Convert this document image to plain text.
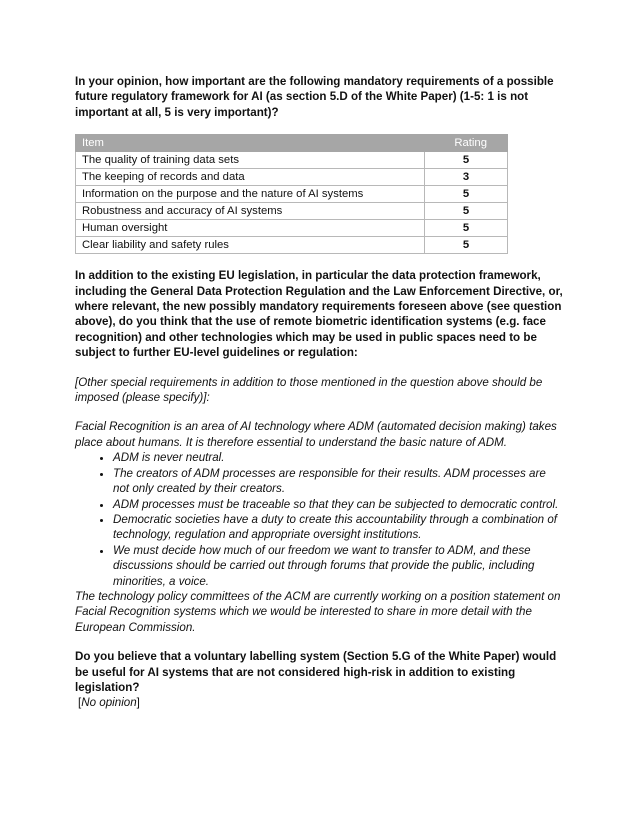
In your opinion, how important are the following mandatory requirements of a possible future regulatory framework for AI (as section 5.D of the White Paper) (1-5: 1 is not important at all, 5 is very important)?

Item	Rating
The quality of training data sets	5
The keeping of records and data	3
Information on the purpose and the nature of AI systems	5
Robustness and accuracy of AI systems	5
Human oversight	5
Clear liability and safety rules	5

In addition to the existing EU legislation, in particular the data protection framework, including the General Data Protection Regulation and the Law Enforcement Directive, or, where relevant, the new possibly mandatory requirements foreseen above (see question above), do you think that the use of remote biometric identification systems (e.g. face recognition) and other technologies which may be used in public spaces need to be subject to further EU-level guidelines or regulation:

[Other special requirements in addition to those mentioned in the question above should be imposed (please specify)]:

Facial Recognition is an area of AI technology where ADM (automated decision making) takes place about humans. It is therefore essential to understand the basic nature of ADM.

• ADM is never neutral.
• The creators of ADM processes are responsible for their results. ADM processes are not only created by their creators.
• ADM processes must be traceable so that they can be subjected to democratic control.
• Democratic societies have a duty to create this accountability through a combination of technology, regulation and appropriate oversight institutions.
• We must decide how much of our freedom we want to transfer to ADM, and these discussions should be carried out through forums that provide the public, including minorities, a voice.

The technology policy committees of the ACM are currently working on a position statement on Facial Recognition systems which we would be interested to share in more detail with the European Commission.

Do you believe that a voluntary labelling system (Section 5.G of the White Paper) would be useful for AI systems that are not considered high-risk in addition to existing legislation?

[No opinion]
